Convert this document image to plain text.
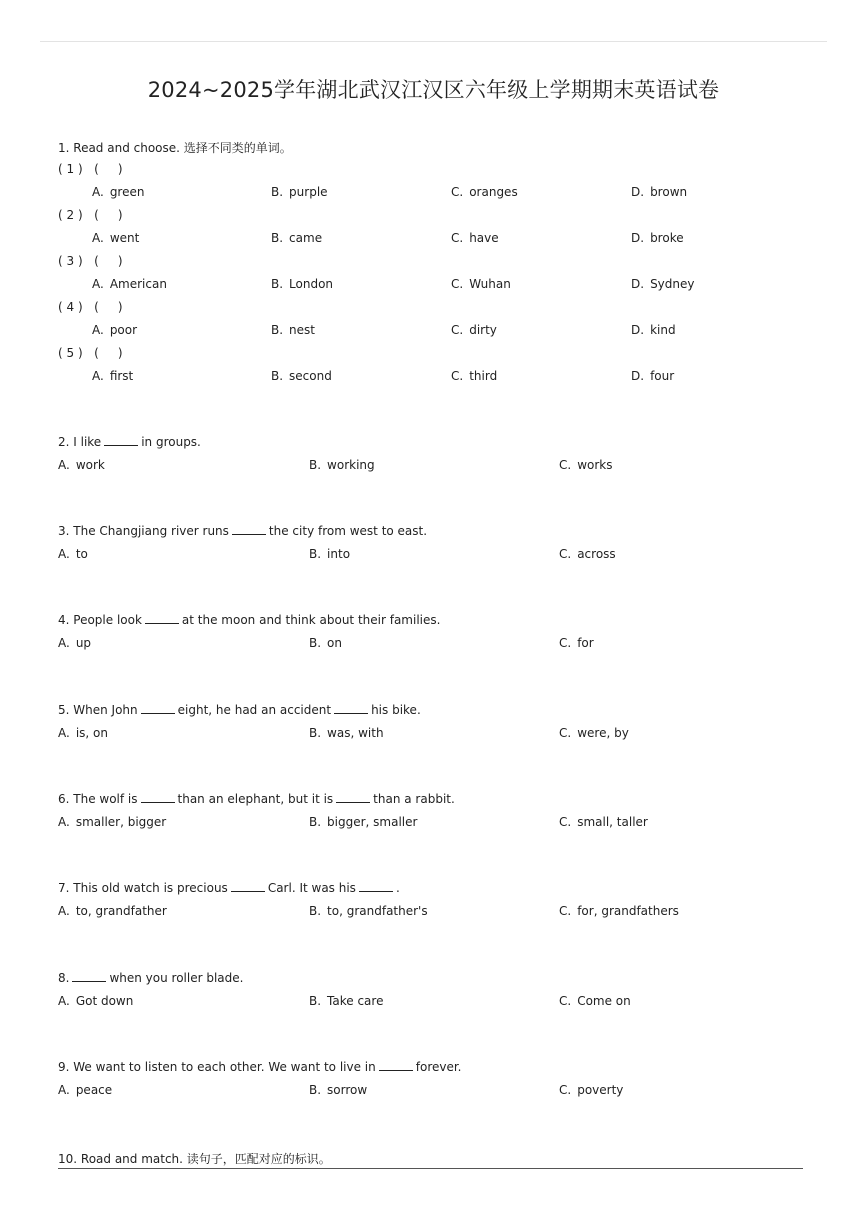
2024~2025学年湖北武汉江汉区六年级上学期期末英语试卷
1. Read and choose. 选择不同类的单词。
( 1 )   (     )
A. green	B. purple	C. oranges	D. brown
( 2 )   (     )
A. went	B. came	C. have	D. broke
( 3 )   (     )
A. American	B. London	C. Wuhan	D. Sydney
( 4 )   (     )
A. poor	B. nest	C. dirty	D. kind
( 5 )   (     )
A. first	B. second	C. third	D. four
2. I like	in groups.
A. work	B. working	C. works
3. The Changjiang river runs	the city from west to east.
A. to	B. into	C. across
4. People look	at the moon and think about their families.
A. up	B. on	C. for
5. When John	eight, he had an accident	his bike.
A. is, on	B. was, with	C. were, by
6. The wolf is	than an elephant, but it is	than a rabbit.
A. smaller, bigger	B. bigger, smaller	C. small, taller
7. This old watch is precious	Carl. It was his	.
A. to, grandfather	B. to, grandfather's	C. for, grandfathers
8.	when you roller blade.
A. Got down	B. Take care	C. Come on
9. We want to listen to each other. We want to live in	forever.
A. peace	B. sorrow	C. poverty
10. Road and match. 读句子，匹配对应的标识。
